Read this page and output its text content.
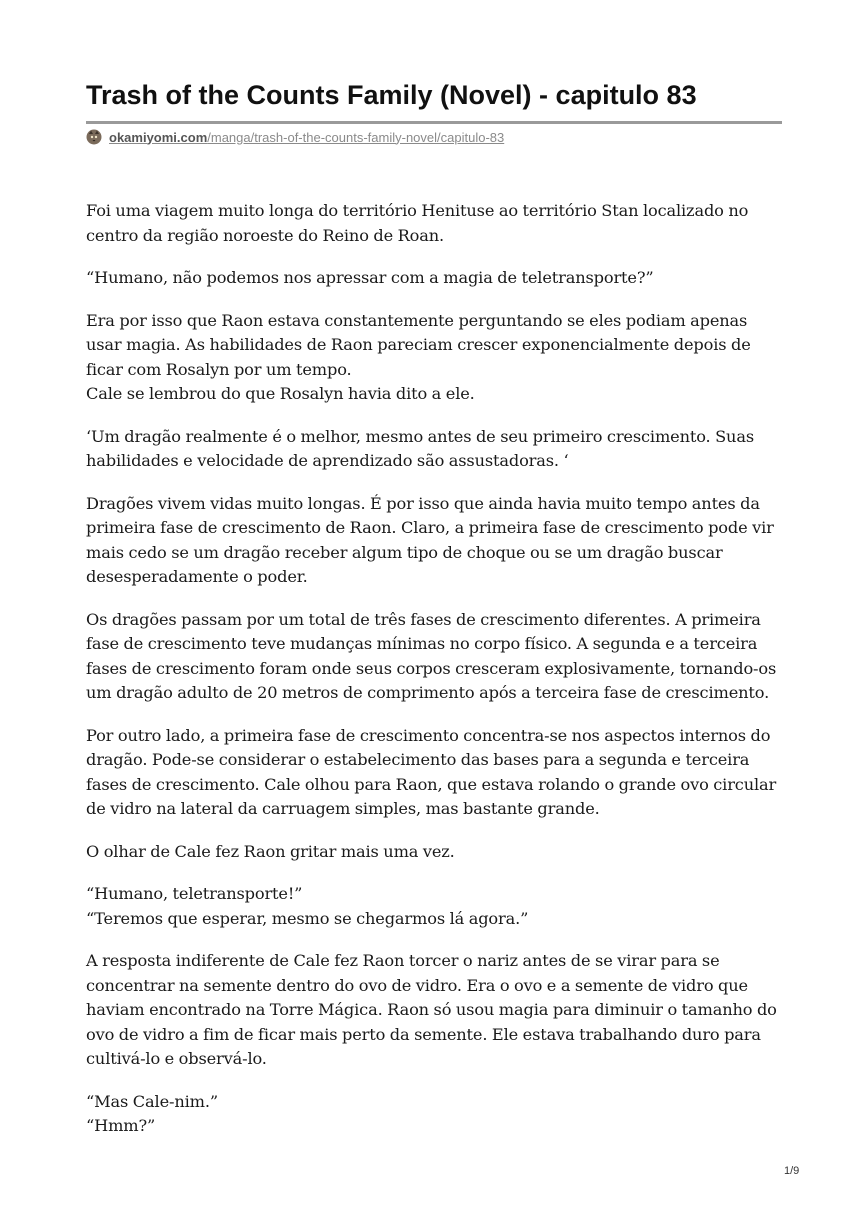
Trash of the Counts Family (Novel) - capitulo 83
okamiyomi.com/manga/trash-of-the-counts-family-novel/capitulo-83

Foi uma viagem muito longa do território Henituse ao território Stan localizado no centro da região noroeste do Reino de Roan.

“Humano, não podemos nos apressar com a magia de teletransporte?”

Era por isso que Raon estava constantemente perguntando se eles podiam apenas usar magia. As habilidades de Raon pareciam crescer exponencialmente depois de ficar com Rosalyn por um tempo.
Cale se lembrou do que Rosalyn havia dito a ele.

‘Um dragão realmente é o melhor, mesmo antes de seu primeiro crescimento. Suas habilidades e velocidade de aprendizado são assustadoras. ‘

Dragões vivem vidas muito longas. É por isso que ainda havia muito tempo antes da primeira fase de crescimento de Raon. Claro, a primeira fase de crescimento pode vir mais cedo se um dragão receber algum tipo de choque ou se um dragão buscar desesperadamente o poder.

Os dragões passam por um total de três fases de crescimento diferentes. A primeira fase de crescimento teve mudanças mínimas no corpo físico. A segunda e a terceira fases de crescimento foram onde seus corpos cresceram explosivamente, tornando-os um dragão adulto de 20 metros de comprimento após a terceira fase de crescimento.

Por outro lado, a primeira fase de crescimento concentra-se nos aspectos internos do dragão. Pode-se considerar o estabelecimento das bases para a segunda e terceira fases de crescimento. Cale olhou para Raon, que estava rolando o grande ovo circular de vidro na lateral da carruagem simples, mas bastante grande.

O olhar de Cale fez Raon gritar mais uma vez.

“Humano, teletransporte!”
“Teremos que esperar, mesmo se chegarmos lá agora.”

A resposta indiferente de Cale fez Raon torcer o nariz antes de se virar para se concentrar na semente dentro do ovo de vidro. Era o ovo e a semente de vidro que haviam encontrado na Torre Mágica. Raon só usou magia para diminuir o tamanho do ovo de vidro a fim de ficar mais perto da semente. Ele estava trabalhando duro para cultivá-lo e observá-lo.

“Mas Cale-nim.”
“Hmm?”

1/9
